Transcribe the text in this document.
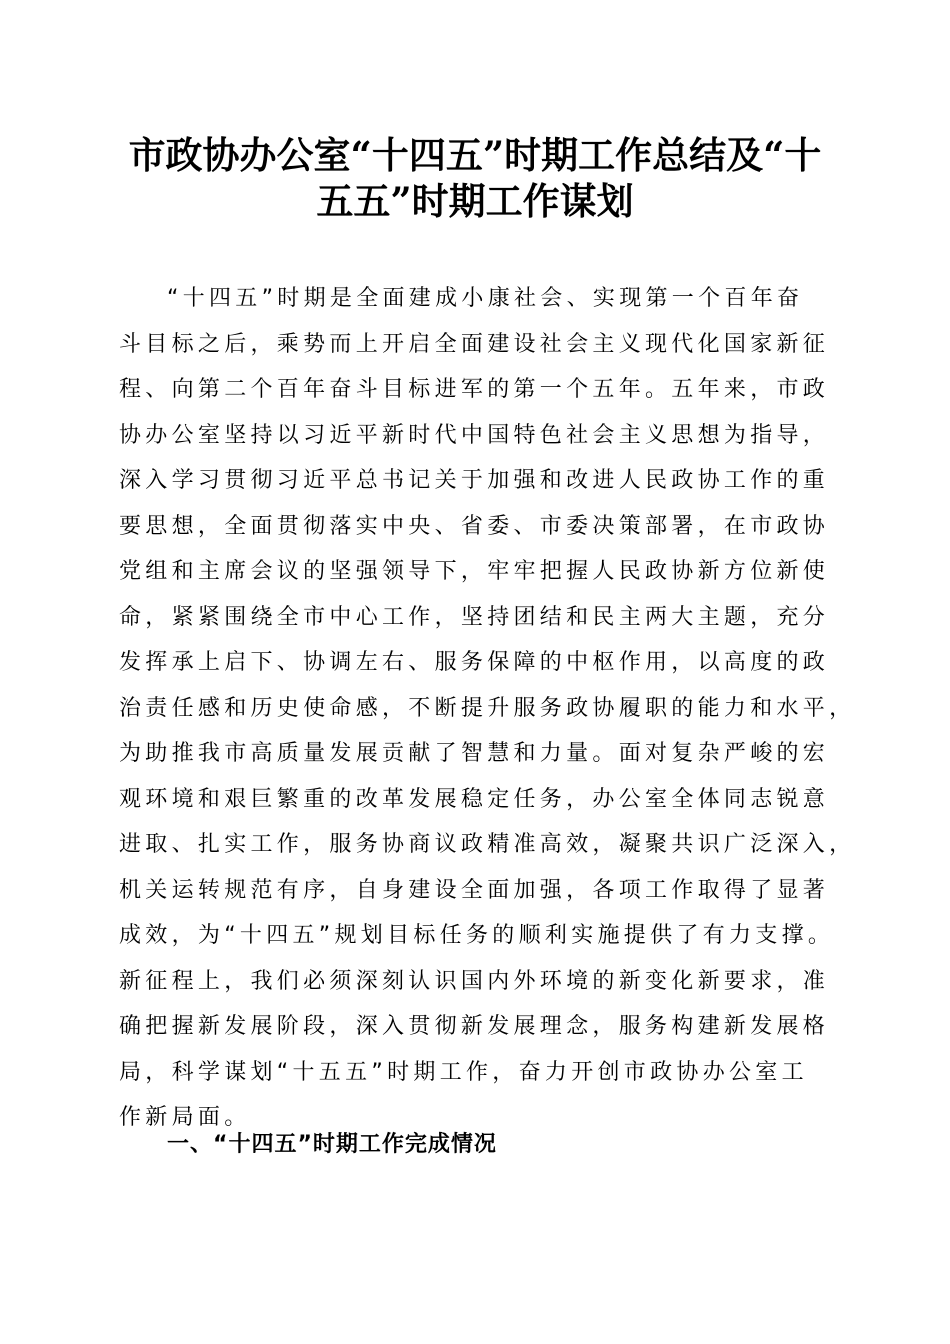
市政协办公室“十四五”时期工作总结及“十
五五”时期工作谋划
“十四五”时期是全面建成小康社会、实现第一个百年奋
斗目标之后，乘势而上开启全面建设社会主义现代化国家新征
程、向第二个百年奋斗目标进军的第一个五年。五年来，市政
协办公室坚持以习近平新时代中国特色社会主义思想为指导，
深入学习贯彻习近平总书记关于加强和改进人民政协工作的重
要思想，全面贯彻落实中央、省委、市委决策部署，在市政协
党组和主席会议的坚强领导下，牢牢把握人民政协新方位新使
命，紧紧围绕全市中心工作，坚持团结和民主两大主题，充分
发挥承上启下、协调左右、服务保障的中枢作用，以高度的政
治责任感和历史使命感，不断提升服务政协履职的能力和水平，
为助推我市高质量发展贡献了智慧和力量。面对复杂严峻的宏
观环境和艰巨繁重的改革发展稳定任务，办公室全体同志锐意
进取、扎实工作，服务协商议政精准高效，凝聚共识广泛深入，
机关运转规范有序，自身建设全面加强，各项工作取得了显著
成效，为“十四五”规划目标任务的顺利实施提供了有力支撑。
新征程上，我们必须深刻认识国内外环境的新变化新要求，准
确把握新发展阶段，深入贯彻新发展理念，服务构建新发展格
局，科学谋划“十五五”时期工作，奋力开创市政协办公室工
作新局面。
一、“十四五”时期工作完成情况
